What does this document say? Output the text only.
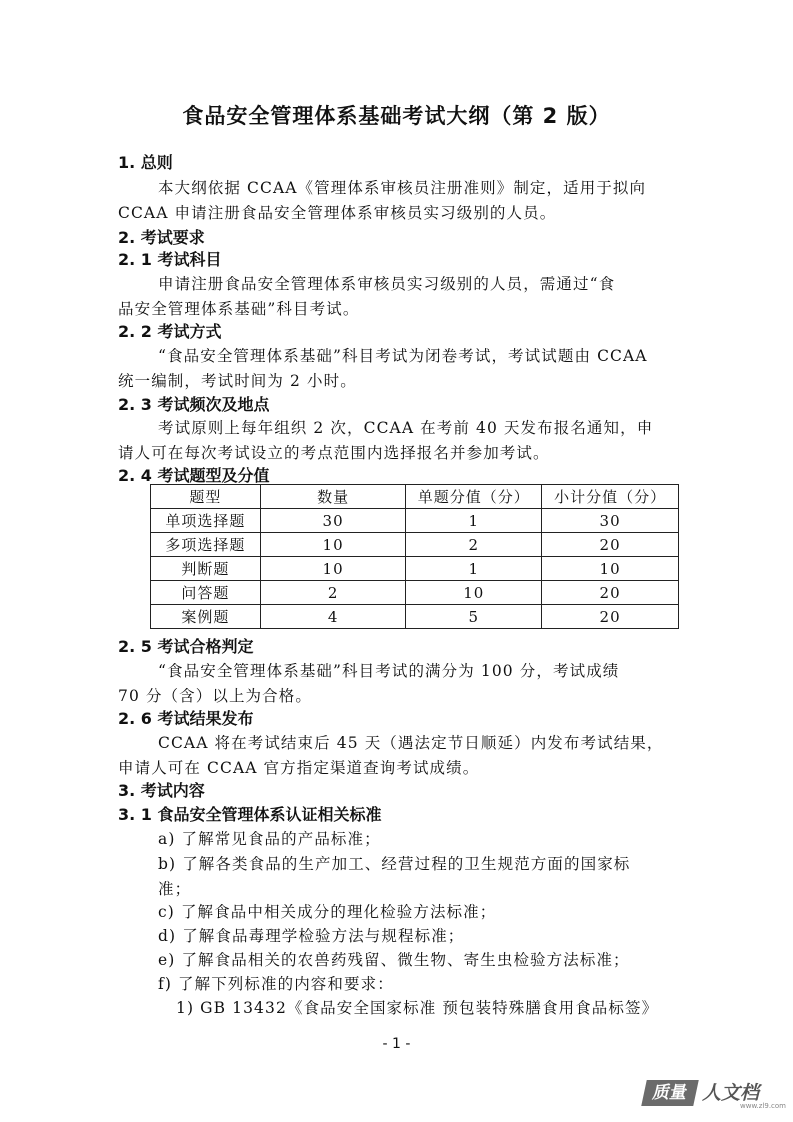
食品安全管理体系基础考试大纲（第 2 版）
1. 总则
本大纲依据 CCAA《管理体系审核员注册准则》制定，适用于拟向
CCAA 申请注册食品安全管理体系审核员实习级别的人员。
2. 考试要求
2. 1 考试科目
申请注册食品安全管理体系审核员实习级别的人员，需通过“食
品安全管理体系基础”科目考试。
2. 2 考试方式
“食品安全管理体系基础”科目考试为闭卷考试，考试试题由 CCAA
统一编制，考试时间为 2 小时。
2. 3 考试频次及地点
考试原则上每年组织 2 次，CCAA 在考前 40 天发布报名通知，申
请人可在每次考试设立的考点范围内选择报名并参加考试。
2. 4 考试题型及分值
题型	数量	单题分值（分）	小计分值（分）
单项选择题	30	1	30
多项选择题	10	2	20
判断题	10	1	10
问答题	2	10	20
案例题	4	5	20
2. 5 考试合格判定
“食品安全管理体系基础”科目考试的满分为 100 分，考试成绩
70 分（含）以上为合格。
2. 6 考试结果发布
CCAA 将在考试结束后 45 天（遇法定节日顺延）内发布考试结果，
申请人可在 CCAA 官方指定渠道查询考试成绩。
3. 考试内容
3. 1 食品安全管理体系认证相关标准
a) 了解常见食品的产品标准；
b) 了解各类食品的生产加工、经营过程的卫生规范方面的国家标
准；
c) 了解食品中相关成分的理化检验方法标准；
d) 了解食品毒理学检验方法与规程标准；
e) 了解食品相关的农兽药残留、微生物、寄生虫检验方法标准；
f) 了解下列标准的内容和要求：
1) GB 13432《食品安全国家标准 预包装特殊膳食用食品标签》
- 1 -
质量 人文档
www.zl9.com
